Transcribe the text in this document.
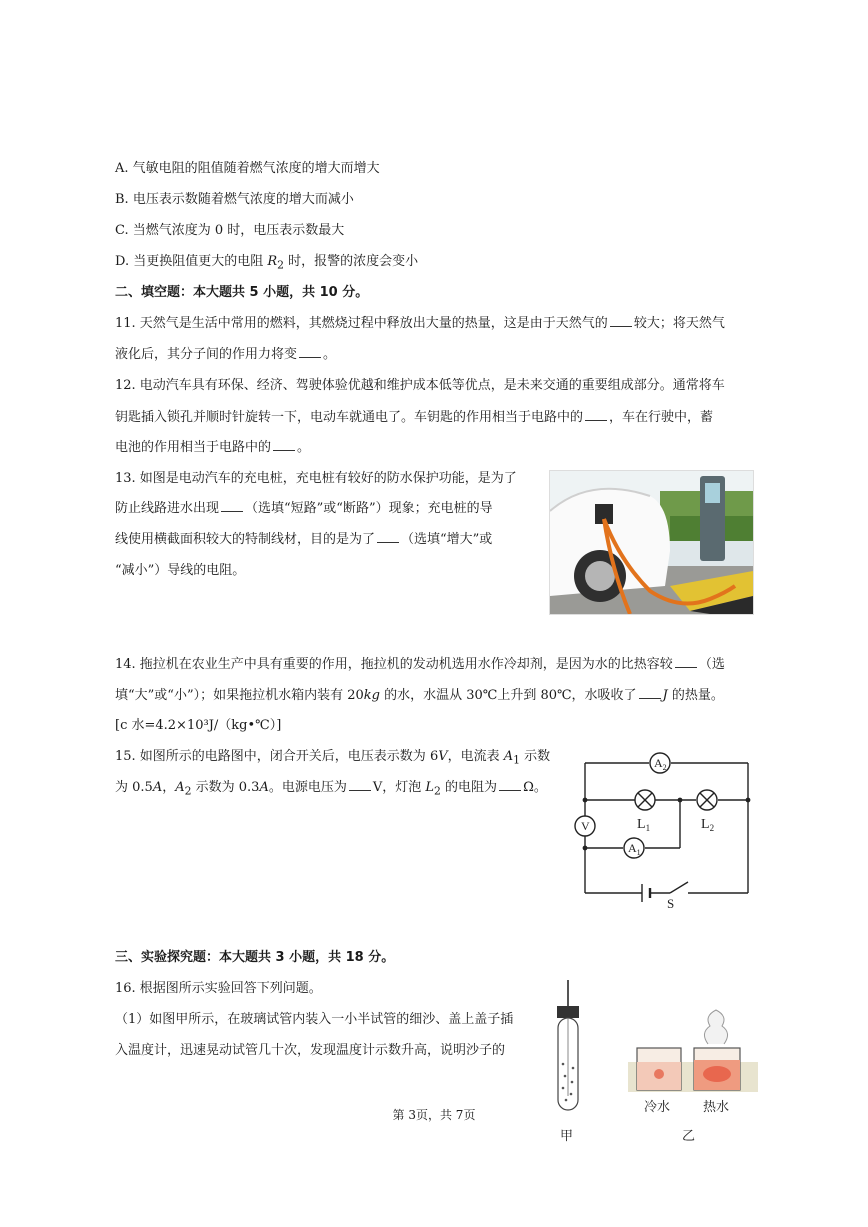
A. 气敏电阻的阻值随着燃气浓度的增大而增大
B. 电压表示数随着燃气浓度的增大而减小
C. 当燃气浓度为 0 时，电压表示数最大
D. 当更换阻值更大的电阻 $R_2$ 时，报警的浓度会变小
二、填空题：本大题共 5 小题，共 10 分。
11. 天然气是生活中常用的燃料，其燃烧过程中释放出大量的热量，这是由于天然气的 较大；将天然气
液化后，其分子间的作用力将变 。
12. 电动汽车具有环保、经济、驾驶体验优越和维护成本低等优点，是未来交通的重要组成部分。通常将车
钥匙插入锁孔并顺时针旋转一下，电动车就通电了。车钥匙的作用相当于电路中的 ，车在行驶中，蓄
电池的作用相当于电路中的 。
13. 如图是电动汽车的充电桩，充电桩有较好的防水保护功能，是为了
防止线路进水出现 （选填“短路”或“断路”）现象；充电桩的导
线使用横截面积较大的特制线材，目的是为了 （选填“增大”或
“减小”）导线的电阻。
14. 拖拉机在农业生产中具有重要的作用，拖拉机的发动机选用水作冷却剂，是因为水的比热容较 （选
填“大”或“小”）；如果拖拉机水箱内装有 20kg 的水，水温从 30℃上升到 80℃，水吸收了 J 的热量。
[c 水=4.2×10³J/（kg•℃）]
15. 如图所示的电路图中，闭合开关后，电压表示数为 6V，电流表 $A_1$ 示数
为 0.5A，$A_2$ 示数为 0.3A。电源电压为 V，灯泡 $L_2$ 的电阻为 Ω。
$A_2$
V
$A_1$
$L_1$	$L_2$
S
三、实验探究题：本大题共 3 小题，共 18 分。
16. 根据图所示实验回答下列问题。
（1）如图甲所示，在玻璃试管内装入一小半试管的细沙、盖上盖子插
入温度计，迅速晃动试管几十次，发现温度计示数升高，说明沙子的
甲	乙
冷水	热水
第 3页，共 7页
